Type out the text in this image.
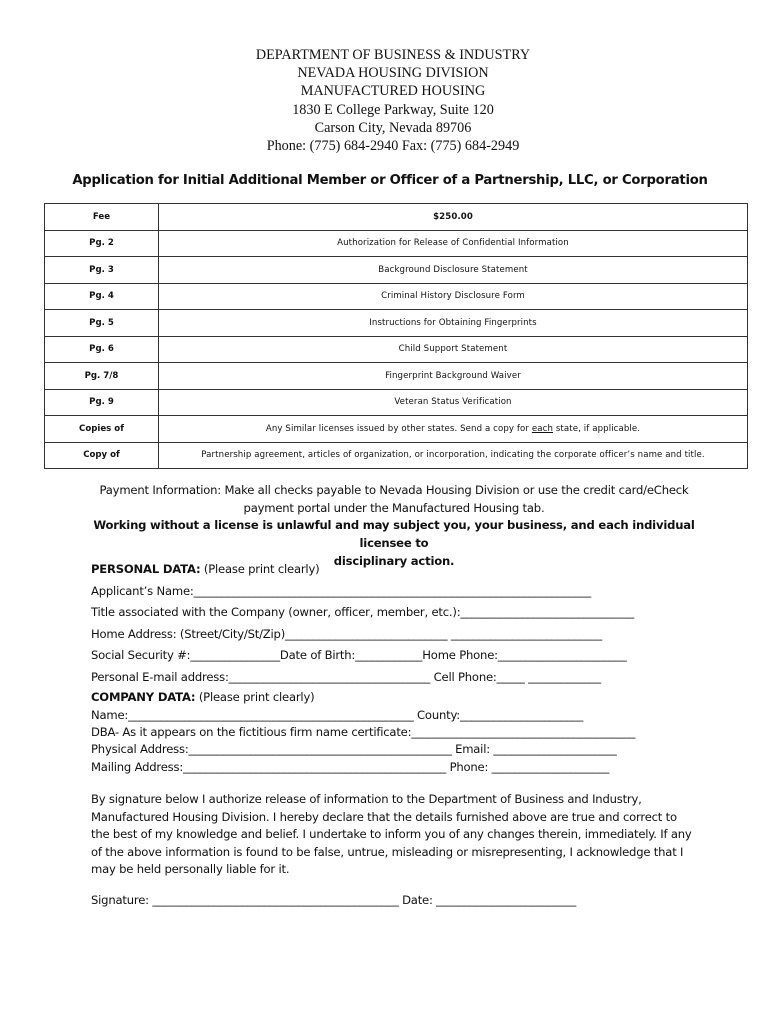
DEPARTMENT OF BUSINESS & INDUSTRY
NEVADA HOUSING DIVISION
MANUFACTURED HOUSING
1830 E College Parkway, Suite 120
Carson City, Nevada 89706
Phone: (775) 684-2940 Fax: (775) 684-2949
Application for Initial Additional Member or Officer of a Partnership, LLC, or Corporation
Fee	$250.00
Pg. 2	Authorization for Release of Confidential Information
Pg. 3	Background Disclosure Statement
Pg. 4	Criminal History Disclosure Form
Pg. 5	Instructions for Obtaining Fingerprints
Pg. 6	Child Support Statement
Pg. 7/8	Fingerprint Background Waiver
Pg. 9	Veteran Status Verification
Copies of	Any Similar licenses issued by other states. Send a copy for each state, if applicable.
Copy of	Partnership agreement, articles of organization, or incorporation, indicating the corporate officer’s name and title.
Payment Information: Make all checks payable to Nevada Housing Division or use the credit card/eCheck
payment portal under the Manufactured Housing tab.
Working without a license is unlawful and may subject you, your business, and each individual licensee to
disciplinary action.
PERSONAL DATA: (Please print clearly)
Applicant’s Name:_______________________________________________________________________
Title associated with the Company (owner, officer, member, etc.):_______________________________
Home Address: (Street/City/St/Zip)_____________________________ ___________________________
Social Security #:________________Date of Birth:____________Home Phone:_______________________
Personal E-mail address:____________________________________ Cell Phone:_____ _____________
COMPANY DATA: (Please print clearly)
Name:___________________________________________________ County:______________________
DBA- As it appears on the fictitious firm name certificate:________________________________________
Physical Address:_______________________________________________ Email: ______________________
Mailing Address:_______________________________________________ Phone: _____________________
By signature below I authorize release of information to the Department of Business and Industry,
Manufactured Housing Division. I hereby declare that the details furnished above are true and correct to
the best of my knowledge and belief. I undertake to inform you of any changes therein, immediately. If any
of the above information is found to be false, untrue, misleading or misrepresenting, I acknowledge that I
may be held personally liable for it.
Signature: ____________________________________________ Date: _________________________
